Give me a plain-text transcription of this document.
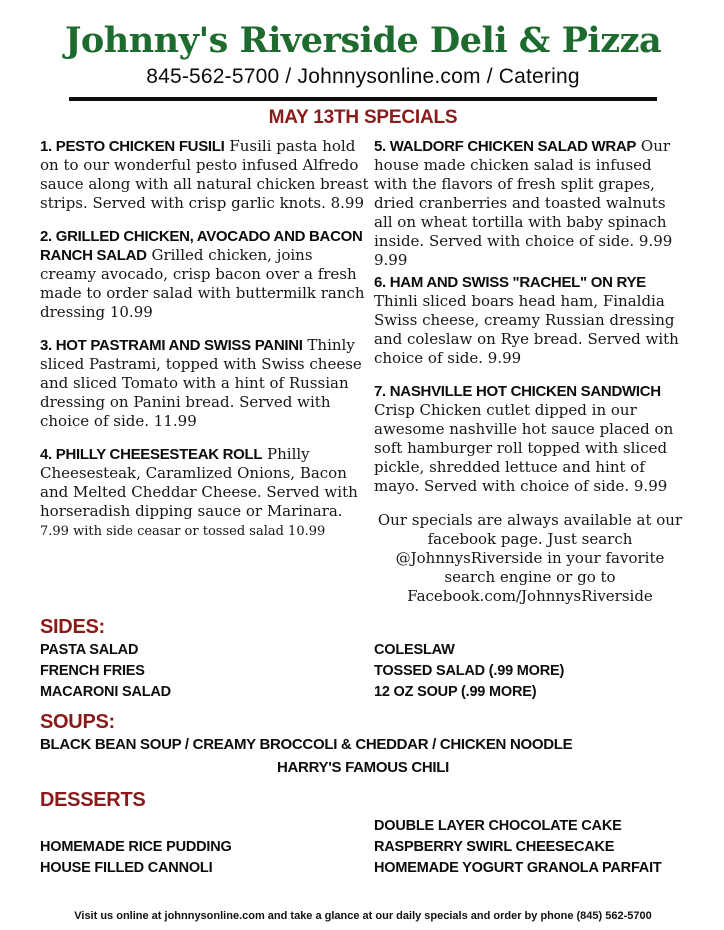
Johnny's Riverside Deli & Pizza
845-562-5700 / Johnnysonline.com / Catering
MAY 13TH SPECIALS

1. PESTO CHICKEN FUSILI Fusili pasta hold on to our wonderful pesto infused Alfredo sauce along with all natural chicken breast strips. Served with crisp garlic knots. 8.99

2. GRILLED CHICKEN, AVOCADO AND BACON RANCH SALAD Grilled chicken, joins creamy avocado, crisp bacon over a fresh made to order salad with buttermilk ranch dressing 10.99

3. HOT PASTRAMI AND SWISS PANINI Thinly sliced Pastrami, topped with Swiss cheese and sliced Tomato with a hint of Russian dressing on Panini bread. Served with choice of side. 11.99

4. PHILLY CHEESESTEAK ROLL Philly Cheesesteak, Caramlized Onions, Bacon and Melted Cheddar Cheese. Served with horseradish dipping sauce or Marinara. 7.99 with side ceasar or tossed salad 10.99

5. WALDORF CHICKEN SALAD WRAP Our house made chicken salad is infused with the flavors of fresh split grapes, dried cranberries and toasted walnuts all on wheat tortilla with baby spinach inside. Served with choice of side. 9.99
9.99

6. HAM AND SWISS "RACHEL" ON RYE Thinli sliced boars head ham, Finaldia Swiss cheese, creamy Russian dressing and coleslaw on Rye bread. Served with choice of side. 9.99

7. NASHVILLE HOT CHICKEN SANDWICH Crisp Chicken cutlet dipped in our awesome nashville hot sauce placed on soft hamburger roll topped with sliced pickle, shredded lettuce and hint of mayo. Served with choice of side. 9.99

Our specials are always available at our facebook page. Just search @JohnnysRiverside in your favorite search engine or go to Facebook.com/JohnnysRiverside

SIDES:
PASTA SALAD
FRENCH FRIES
MACARONI SALAD
COLESLAW
TOSSED SALAD (.99 MORE)
12 OZ SOUP (.99 MORE)
SOUPS:
BLACK BEAN SOUP / CREAMY BROCCOLI & CHEDDAR / CHICKEN NOODLE
HARRY'S FAMOUS CHILI
DESSERTS
HOMEMADE RICE PUDDING
HOUSE FILLED CANNOLI
DOUBLE LAYER CHOCOLATE CAKE
RASPBERRY SWIRL CHEESECAKE
HOMEMADE YOGURT GRANOLA PARFAIT
Visit us online at johnnysonline.com and take a glance at our daily specials and order by phone (845) 562-5700
